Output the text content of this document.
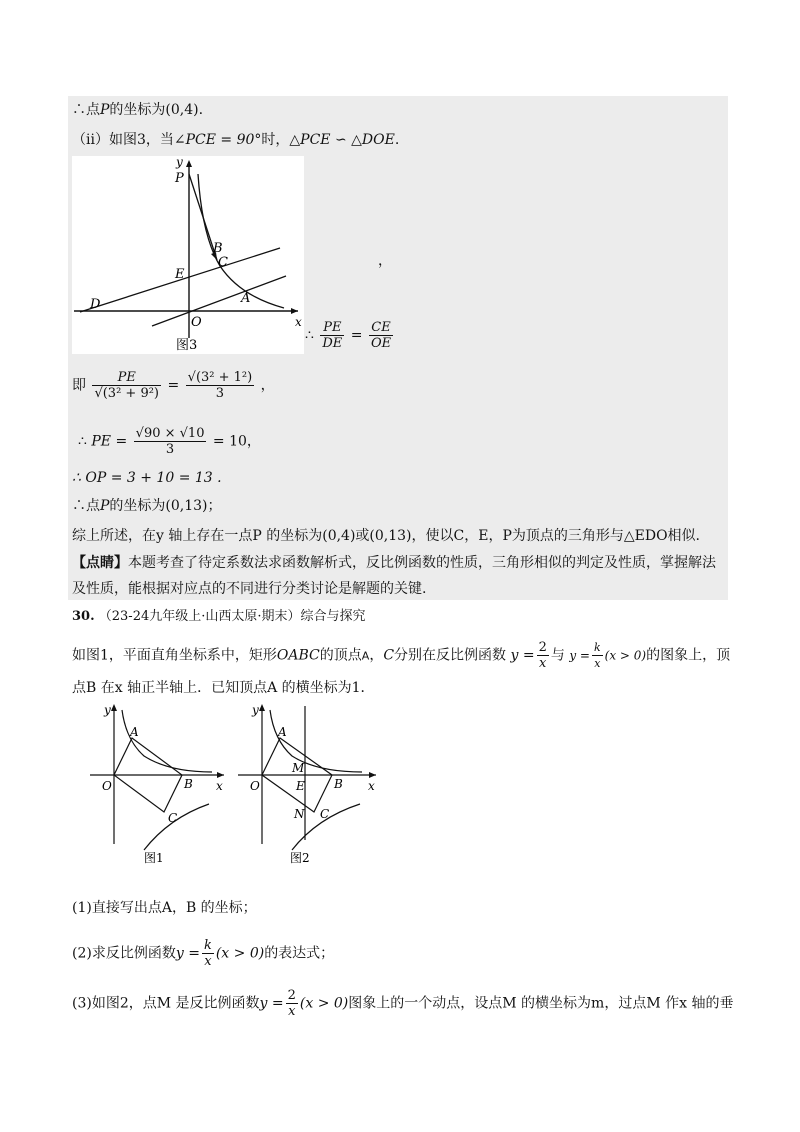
∴点P的坐标为(0,4).
（ii）如图3，当∠PCE = 90°时，△PCE ∽ △DOE.
y
x
P
B
C
E
A
D
O
图3
，
∴ $\frac{PE}{DE} = \frac{CE}{OE}$
即 $\frac{PE}{\text{√(3² + 9²)}} = \frac{\text{√(3² + 1²)}}{3}$ ，
∴ PE = $\frac{√90 \times √10}{3} = 10$，
∴ OP = 3 + 10 = 13 .
∴点P的坐标为(0,13)；
综上所述，在y 轴上存在一点P 的坐标为(0,4)或(0,13)，使以C，E，P为顶点的三角形与△EDO相似.
【点睛】本题考查了待定系数法求函数解析式，反比例函数的性质，三角形相似的判定及性质，掌握解法及性质，能根据对应点的不同进行分类讨论是解题的关键.
30. （23-24九年级上·山西太原·期末）综合与探究
如图1，平面直角坐标系中，矩形OABC的顶点A，C分别在反比例函数 $y = \frac{2}{x}$ 与 $y = \frac{k}{x} (x > 0)$的图象上，顶
点B 在x 轴正半轴上．已知顶点A 的横坐标为1．
y
x
O
A
B
C
图1
y
x
O
A
M
E B
N C
图2
(1)直接写出点A，B 的坐标；
(2)求反比例函数$y = \frac{k}{x} (x > 0)$的表达式；
(3)如图2，点M 是反比例函数$y = \frac{2}{x} (x > 0)$图象上的一个动点，设点M 的横坐标为m，过点M 作x 轴的垂
